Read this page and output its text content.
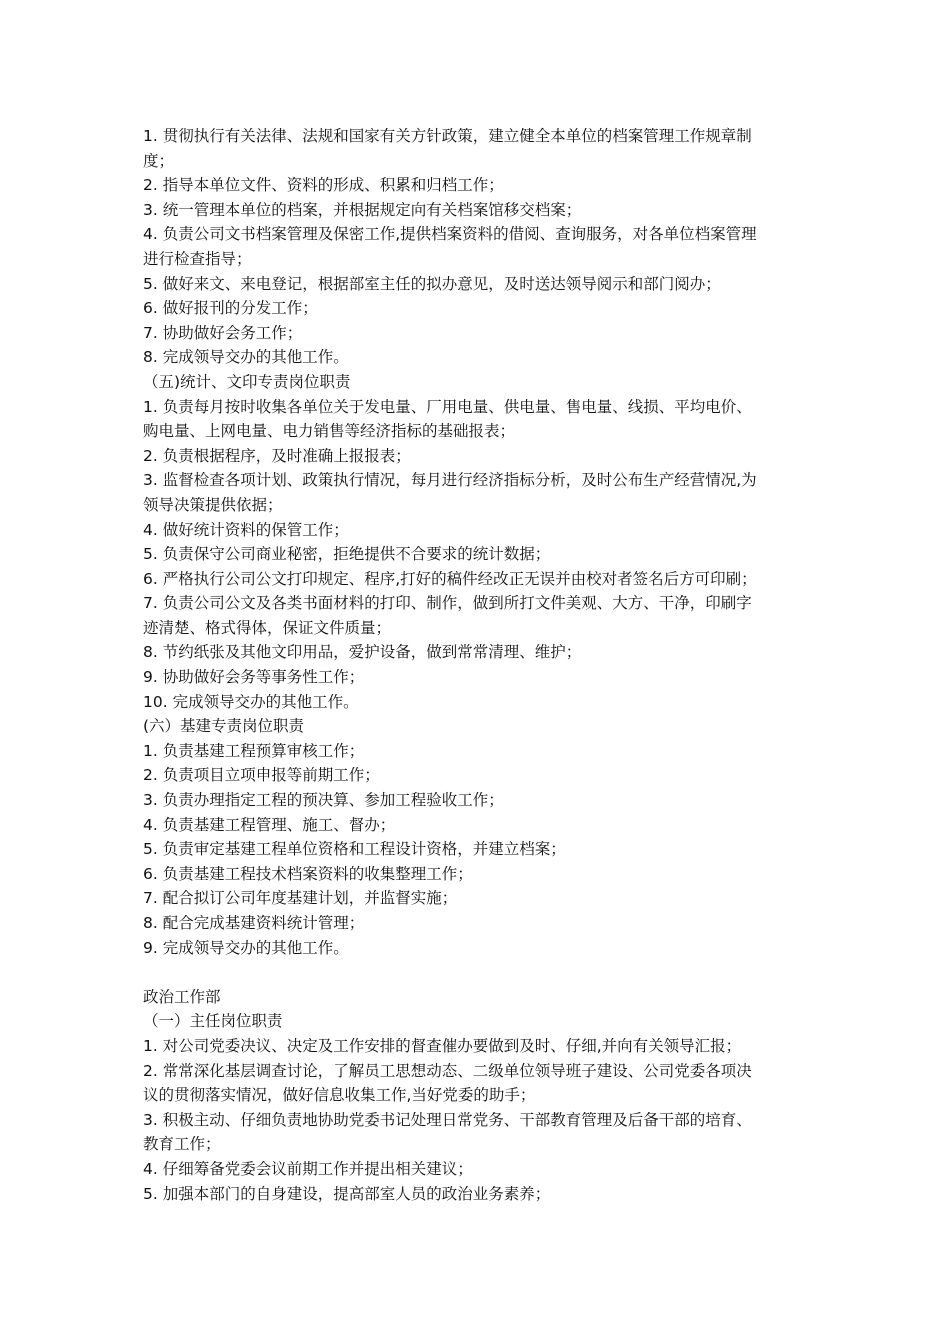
1. 贯彻执行有关法律、法规和国家有关方针政策，建立健全本单位的档案管理工作规章制
度；
2. 指导本单位文件、资料的形成、积累和归档工作；
3. 统一管理本单位的档案，并根据规定向有关档案馆移交档案；
4. 负责公司文书档案管理及保密工作,提供档案资料的借阅、查询服务，对各单位档案管理
进行检查指导；
5. 做好来文、来电登记，根据部室主任的拟办意见，及时送达领导阅示和部门阅办；
6. 做好报刊的分发工作；
7. 协助做好会务工作；
8. 完成领导交办的其他工作。
（五)统计、文印专责岗位职责
1. 负责每月按时收集各单位关于发电量、厂用电量、供电量、售电量、线损、平均电价、
购电量、上网电量、电力销售等经济指标的基础报表；
2. 负责根据程序，及时准确上报报表；
3. 监督检查各项计划、政策执行情况，每月进行经济指标分析，及时公布生产经营情况,为
领导决策提供依据；
4. 做好统计资料的保管工作；
5. 负责保守公司商业秘密，拒绝提供不合要求的统计数据；
6. 严格执行公司公文打印规定、程序,打好的稿件经改正无误并由校对者签名后方可印刷；
7. 负责公司公文及各类书面材料的打印、制作，做到所打文件美观、大方、干净，印刷字
迹清楚、格式得体，保证文件质量；
8. 节约纸张及其他文印用品，爱护设备，做到常常清理、维护；
9. 协助做好会务等事务性工作；
10. 完成领导交办的其他工作。
(六）基建专责岗位职责
1. 负责基建工程预算审核工作；
2. 负责项目立项申报等前期工作；
3. 负责办理指定工程的预决算、参加工程验收工作；
4. 负责基建工程管理、施工、督办；
5. 负责审定基建工程单位资格和工程设计资格，并建立档案；
6. 负责基建工程技术档案资料的收集整理工作；
7. 配合拟订公司年度基建计划，并监督实施；
8. 配合完成基建资料统计管理；
9. 完成领导交办的其他工作。
政治工作部
（一）主任岗位职责
1. 对公司党委决议、决定及工作安排的督查催办要做到及时、仔细,并向有关领导汇报；
2. 常常深化基层调查讨论，了解员工思想动态、二级单位领导班子建设、公司党委各项决
议的贯彻落实情况，做好信息收集工作,当好党委的助手；
3. 积极主动、仔细负责地协助党委书记处理日常党务、干部教育管理及后备干部的培育、
教育工作；
4. 仔细筹备党委会议前期工作并提出相关建议；
5. 加强本部门的自身建设，提高部室人员的政治业务素养；
